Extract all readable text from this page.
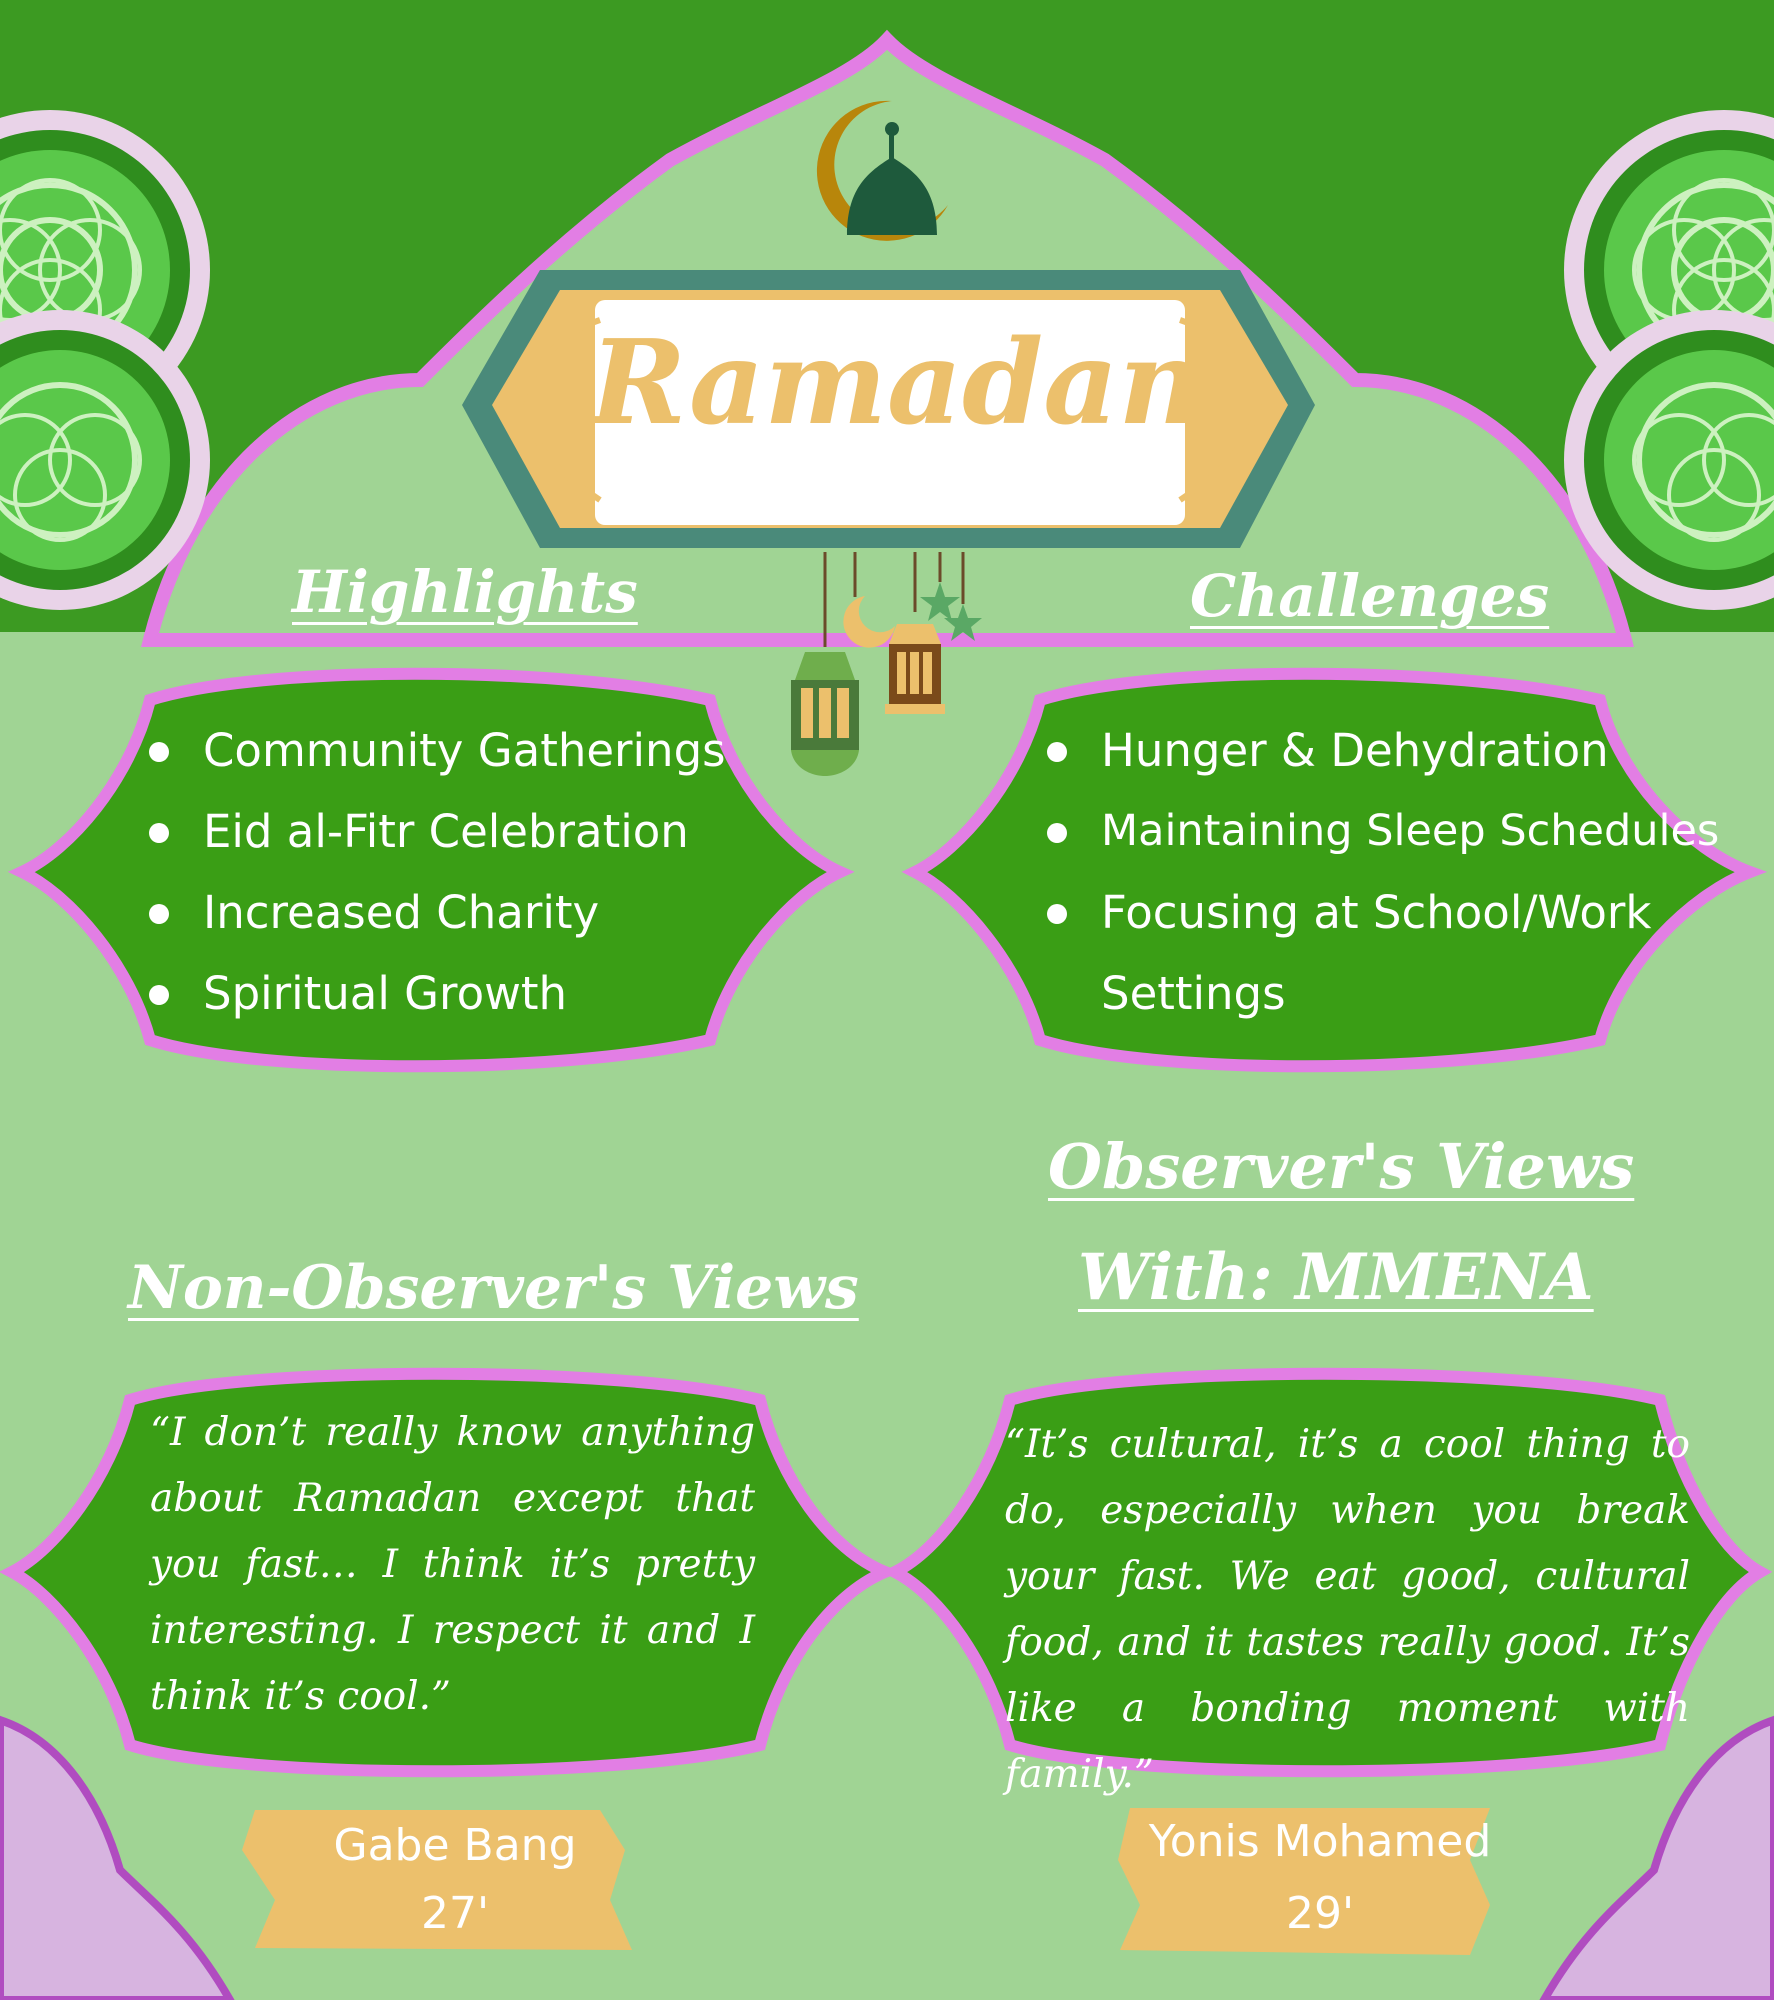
Ramadan
Highlights	Challenges
Non-Observer's Views
Observer's Views
With: MMENA
Community Gatherings
Eid al-Fitr Celebration
Increased Charity
Spiritual Growth
Hunger & Dehydration
Maintaining Sleep Schedules
Focusing at School/Work
Settings
“I don’t really know anything about Ramadan except that you fast… I think it’s pretty interesting. I respect it and I think it’s cool.”
“It’s cultural, it’s a cool thing to do, especially when you break your fast. We eat good, cultural food, and it tastes really good. It’s like a bonding moment with family.”
Gabe Bang
27'
Yonis Mohamed
29'
